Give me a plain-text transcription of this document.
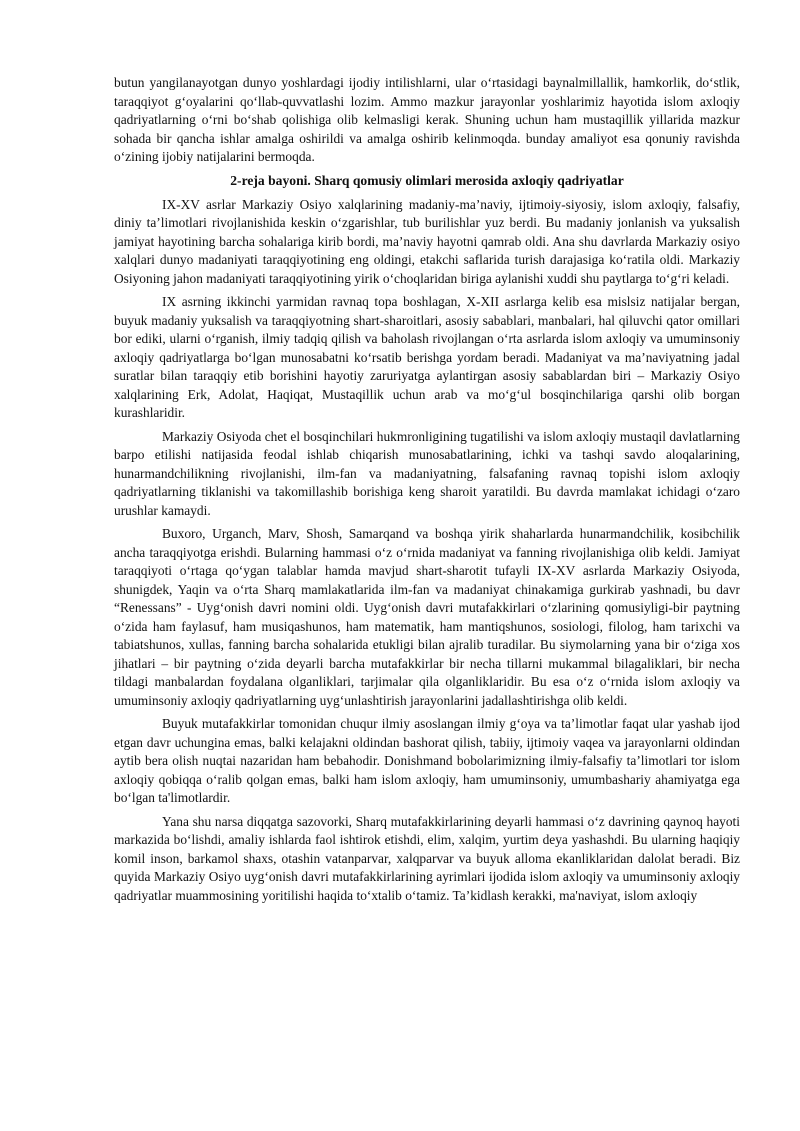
butun yangilanayotgan dunyo yoshlardagi ijodiy intilishlarni, ular o‘rtasidagi baynalmillallik, hamkorlik, do‘stlik, taraqqiyot g‘oyalarini qo‘llab-quvvatlashi lozim. Ammo mazkur jarayonlar yoshlarimiz hayotida islom axloqiy qadriyatlarning o‘rni bo‘shab qolishiga olib kelmasligi kerak. Shuning uchun ham mustaqillik yillarida mazkur sohada bir qancha ishlar amalga oshirildi va amalga oshirib kelinmoqda. bunday amaliyot esa qonuniy ravishda o‘zining ijobiy natijalarini bermoqda.

2-reja bayoni. Sharq qomusiy olimlari merosida axloqiy qadriyatlar

IX-XV asrlar Markaziy Osiyo xalqlarining madaniy-ma’naviy, ijtimoiy-siyosiy, islom axloqiy, falsafiy, diniy ta’limotlari rivojlanishida keskin o‘zgarishlar, tub burilishlar yuz berdi. Bu madaniy jonlanish va yuksalish jamiyat hayotining barcha sohalariga kirib bordi, ma’naviy hayotni qamrab oldi. Ana shu davrlarda Markaziy osiyo xalqlari dunyo madaniyati taraqqiyotining eng oldingi, etakchi saflarida turish darajasiga ko‘ratila oldi. Markaziy Osiyoning jahon madaniyati taraqqiyotining yirik o‘choqlaridan biriga aylanishi xuddi shu paytlarga to‘g‘ri keladi.

IX asrning ikkinchi yarmidan ravnaq topa boshlagan, X-XII asrlarga kelib esa mislsiz natijalar bergan, buyuk madaniy yuksalish va taraqqiyotning shart-sharoitlari, asosiy sabablari, manbalari, hal qiluvchi qator omillari bor ediki, ularni o‘rganish, ilmiy tadqiq qilish va baholash rivojlangan o‘rta asrlarda islom axloqiy va umuminsoniy axloqiy qadriyatlarga bo‘lgan munosabatni ko‘rsatib berishga yordam beradi. Madaniyat va ma’naviyatning jadal suratlar bilan taraqqiy etib borishini hayotiy zaruriyatga aylantirgan asosiy sabablardan biri – Markaziy Osiyo xalqlarining Erk, Adolat, Haqiqat, Mustaqillik uchun arab va mo‘g‘ul bosqinchilariga qarshi olib borgan kurashlaridir.

Markaziy Osiyoda chet el bosqinchilari hukmronligining tugatilishi va islom axloqiy mustaqil davlatlarning barpo etilishi natijasida feodal ishlab chiqarish munosabatlarining, ichki va tashqi savdo aloqalarining, hunarmandchilikning rivojlanishi, ilm-fan va madaniyatning, falsafaning ravnaq topishi islom axloqiy qadriyatlarning tiklanishi va takomillashib borishiga keng sharoit yaratildi. Bu davrda mamlakat ichidagi o‘zaro urushlar kamaydi.

Buxoro, Urganch, Marv, Shosh, Samarqand va boshqa yirik shaharlarda hunarmandchilik, kosibchilik ancha taraqqiyotga erishdi. Bularning hammasi o‘z o‘rnida madaniyat va fanning rivojlanishiga olib keldi. Jamiyat taraqqiyoti o‘rtaga qo‘ygan talablar hamda mavjud shart-sharotit tufayli IX-XV asrlarda Markaziy Osiyoda, shunigdek, Yaqin va o‘rta Sharq mamlakatlarida ilm-fan va madaniyat chinakamiga gurkirab yashnadi, bu davr “Renessans” - Uyg‘onish davri nomini oldi. Uyg‘onish davri mutafakkirlari o‘zlarining qomusiyligi-bir paytning o‘zida ham faylasuf, ham musiqashunos, ham matematik, ham mantiqshunos, sosiologi, filolog, ham tarixchi va tabiatshunos, xullas, fanning barcha sohalarida etukligi bilan ajralib turadilar. Bu siymolarning yana bir o‘ziga xos jihatlari – bir paytning o‘zida deyarli barcha mutafakkirlar bir necha tillarni mukammal bilagaliklari, bir necha tildagi manbalardan foydalana olganliklari, tarjimalar qila olganliklaridir. Bu esa o‘z o‘rnida islom axloqiy va umuminsoniy axloqiy qadriyatlarning uyg‘unlashtirish jarayonlarini jadallashtirishga olib keldi.

Buyuk mutafakkirlar tomonidan chuqur ilmiy asoslangan ilmiy g‘oya va ta’limotlar faqat ular yashab ijod etgan davr uchungina emas, balki kelajakni oldindan bashorat qilish, tabiiy, ijtimoiy vaqea va jarayonlarni oldindan aytib bera olish nuqtai nazaridan ham bebahodir. Donishmand bobolarimizning ilmiy-falsafiy ta’limotlari tor islom axloqiy qobiqqa o‘ralib qolgan emas, balki ham islom axloqiy, ham umuminsoniy, umumbashariy ahamiyatga ega bo‘lgan ta'limotlardir.

Yana shu narsa diqqatga sazovorki, Sharq mutafakkirlarining deyarli hammasi o‘z davrining qaynoq hayoti markazida bo‘lishdi, amaliy ishlarda faol ishtirok etishdi, elim, xalqim, yurtim deya yashashdi. Bu ularning haqiqiy komil inson, barkamol shaxs, otashin vatanparvar, xalqparvar va buyuk alloma ekanliklaridan dalolat beradi. Biz quyida Markaziy Osiyo uyg‘onish davri mutafakkirlarining ayrimlari ijodida islom axloqiy va umuminsoniy axloqiy qadriyatlar muammosining yoritilishi haqida to‘xtalib o‘tamiz. Ta’kidlash kerakki, ma'naviyat, islom axloqiy
